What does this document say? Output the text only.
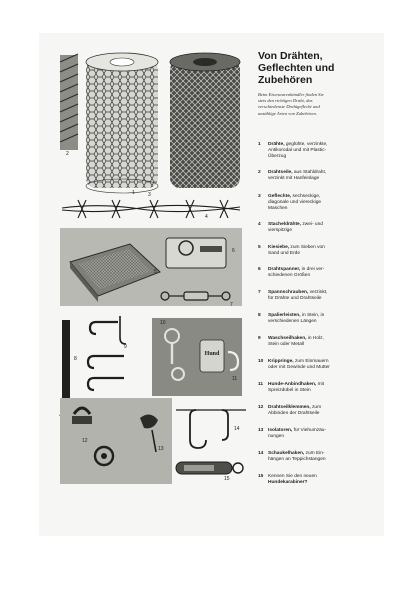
Hund
1
2
3
4
5
6
7
8
9
10
11
12
13
14
15
Von Drähten,
Geflechten und
Zubehören
Beim Eisenwarenhändler finden Sie
stets den richtigen Draht, das
verschiedenste Drahtgeflecht und
unzählige Arten von Zubehören.
1	Drähte, geglühte, verzinkte,
Antikorodal und mit Plastic-
Überzug
2	Drahtseile, aus Stahldraht,
verzinkt mit Hanfeinlage
3	Geflechte, sechseckige,
diagonale und viereckige
Maschen
4	Stacheldrähte, zwei- und
vierspitzige
5	Kiesiebe, zum Sieben von
Sand und Erde
6	Drahtspanner, in drei ver-
schiedenen Größen
7	Spannschrauben, verzinkt,
für Drähte und Drahtseile
8	Spalierleisten, in Stein, in
verschiedenen Längen
9	Waschseilhaken, in Holz,
Stein oder Metall
10 Krippringe, zum Einmauern
oder mit Gewinde und Mutter
11	Hunde-Anbindhaken, mit
Spreizdübel in Stein
12 Drahtseilklemmen, zum
Abbinden der Drahtseile
13 Isolatoren, für Viehumzäu-
nungen
14 Schaukelhaken, zum Ein-
hängen an Teppichstangen
15 Kennen Sie den neuen
Hundekarabiner?
